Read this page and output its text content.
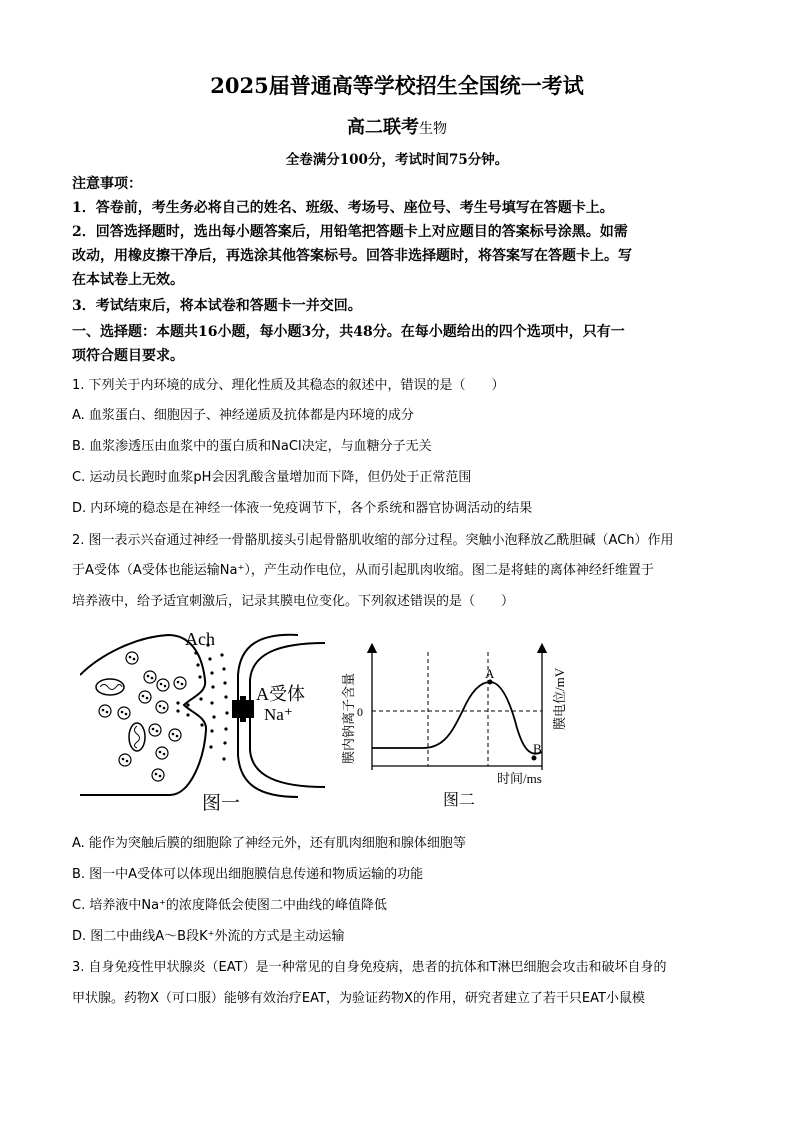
2025届普通高等学校招生全国统一考试
高二联考生物
全卷满分100分，考试时间75分钟。
注意事项：
1．答卷前，考生务必将自己的姓名、班级、考场号、座位号、考生号填写在答题卡上。
2．回答选择题时，选出每小题答案后，用铅笔把答题卡上对应题目的答案标号涂黑。如需
改动，用橡皮擦干净后，再选涂其他答案标号。回答非选择题时，将答案写在答题卡上。写
在本试卷上无效。
3．考试结束后，将本试卷和答题卡一并交回。
一、选择题：本题共16小题，每小题3分，共48分。在每小题给出的四个选项中，只有一
项符合题目要求。
1. 下列关于内环境的成分、理化性质及其稳态的叙述中，错误的是（　　）
A. 血浆蛋白、细胞因子、神经递质及抗体都是内环境的成分
B. 血浆渗透压由血浆中的蛋白质和NaCl决定，与血糖分子无关
C. 运动员长跑时血浆pH会因乳酸含量增加而下降，但仍处于正常范围
D. 内环境的稳态是在神经一体液一免疫调节下，各个系统和器官协调活动的结果
2. 图一表示兴奋通过神经一骨骼肌接头引起骨骼肌收缩的部分过程。突触小泡释放乙酰胆碱（ACh）作用
于A受体（A受体也能运输Na⁺），产生动作电位，从而引起肌肉收缩。图二是将蛙的离体神经纤维置于
培养液中，给予适宜刺激后，记录其膜电位变化。下列叙述错误的是（　　）
Ach
A受体
Na⁺
图一
A
B
0
膜内钠离子含量	膜电位/mV
时间/ms
图二
A. 能作为突触后膜的细胞除了神经元外，还有肌肉细胞和腺体细胞等
B. 图一中A受体可以体现出细胞膜信息传递和物质运输的功能
C. 培养液中Na⁺的浓度降低会使图二中曲线的峰值降低
D. 图二中曲线A～B段K⁺外流的方式是主动运输
3. 自身免疫性甲状腺炎（EAT）是一种常见的自身免疫病，患者的抗体和T淋巴细胞会攻击和破坏自身的
甲状腺。药物X（可口服）能够有效治疗EAT，为验证药物X的作用，研究者建立了若干只EAT小鼠模
